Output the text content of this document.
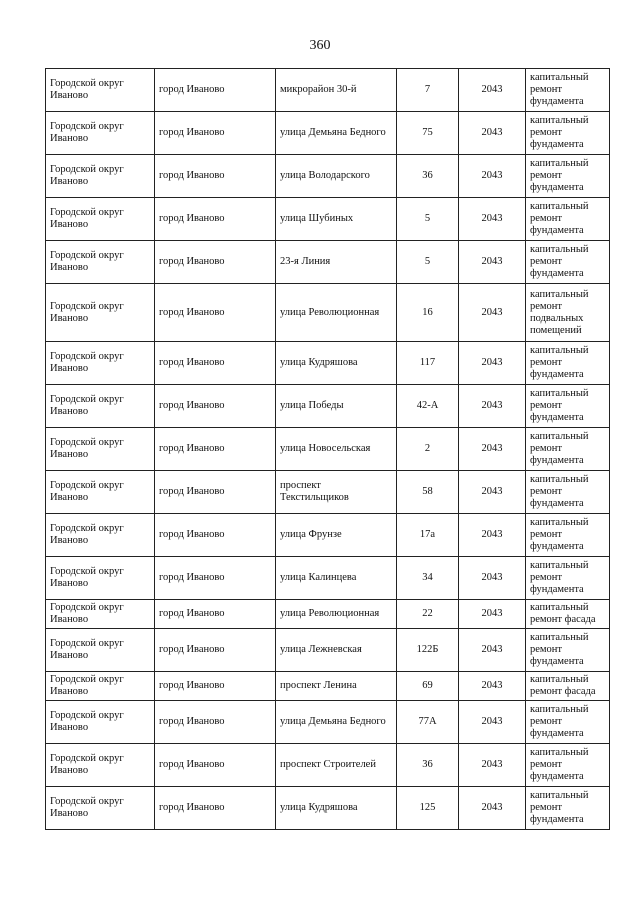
360
Городской округ Иваново	город Иваново	микрорайон 30-й	7	2043	капитальный ремонт фундамента
Городской округ Иваново	город Иваново	улица Демьяна Бедного	75	2043	капитальный ремонт фундамента
Городской округ Иваново	город Иваново	улица Володарского	36	2043	капитальный ремонт фундамента
Городской округ Иваново	город Иваново	улица Шубиных	5	2043	капитальный ремонт фундамента
Городской округ Иваново	город Иваново	23-я Линия	5	2043	капитальный ремонт фундамента
Городской округ Иваново	город Иваново	улица Революционная	16	2043	капитальный ремонт подвальных помещений
Городской округ Иваново	город Иваново	улица Кудряшова	117	2043	капитальный ремонт фундамента
Городской округ Иваново	город Иваново	улица Победы	42-А	2043	капитальный ремонт фундамента
Городской округ Иваново	город Иваново	улица Новосельская	2	2043	капитальный ремонт фундамента
Городской округ Иваново	город Иваново	проспект Текстильщиков	58	2043	капитальный ремонт фундамента
Городской округ Иваново	город Иваново	улица Фрунзе	17а	2043	капитальный ремонт фундамента
Городской округ Иваново	город Иваново	улица Калинцева	34	2043	капитальный ремонт фундамента
Городской округ Иваново	город Иваново	улица Революционная	22	2043	капитальный ремонт фасада
Городской округ Иваново	город Иваново	улица Лежневская	122Б	2043	капитальный ремонт фундамента
Городской округ Иваново	город Иваново	проспект Ленина	69	2043	капитальный ремонт фасада
Городской округ Иваново	город Иваново	улица Демьяна Бедного	77А	2043	капитальный ремонт фундамента
Городской округ Иваново	город Иваново	проспект Строителей	36	2043	капитальный ремонт фундамента
Городской округ Иваново	город Иваново	улица Кудряшова	125	2043	капитальный ремонт фундамента
